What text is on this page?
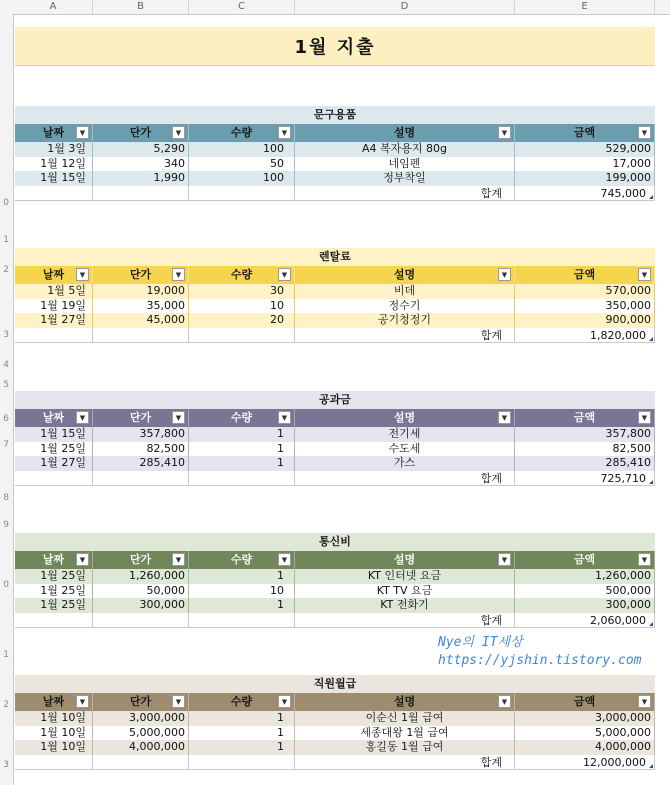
A	B	C	D	E
0
1
2
3
4
5
6
7
8
9
0
1
2
3
1월 지출
문구용품
날짜	▼	단가	▼	수량	▼	설명	▼	금액	▼
1월 3일	5,290	100	A4 복자용지 80g	529,000
1월 12일	340	50	네임펜	17,000
1월 15일	1,990	100	정부착일	199,000
합계	745,000
렌탈료
날짜	▼	단가	▼	수량	▼	설명	▼	금액	▼
1월 5일	19,000	30	비데	570,000
1월 19일	35,000	10	정수기	350,000
1월 27일	45,000	20	공기청정기	900,000
합계	1,820,000
공과금
날짜	▼	단가	▼	수량	▼	설명	▼	금액	▼
1월 15일	357,800	1	전기세	357,800
1월 25일	82,500	1	수도세	82,500
1월 27일	285,410	1	가스	285,410
합계	725,710
통신비
날짜	▼	단가	▼	수량	▼	설명	▼	금액	▼
1월 25일	1,260,000	1	KT 인터넷 요금	1,260,000
1월 25일	50,000	10	KT TV 요금	500,000
1월 25일	300,000	1	KT 전화기	300,000
합계	2,060,000
직원월급
날짜	▼	단가	▼	수량	▼	설명	▼	금액	▼
1월 10일	3,000,000	1	이순신 1월 급여	3,000,000
1월 10일	5,000,000	1	세종대왕 1월 급여	5,000,000
1월 10일	4,000,000	1	홍길동 1월 급여	4,000,000
합계	12,000,000
Nye의 IT세상
https://yjshin.tistory.com
